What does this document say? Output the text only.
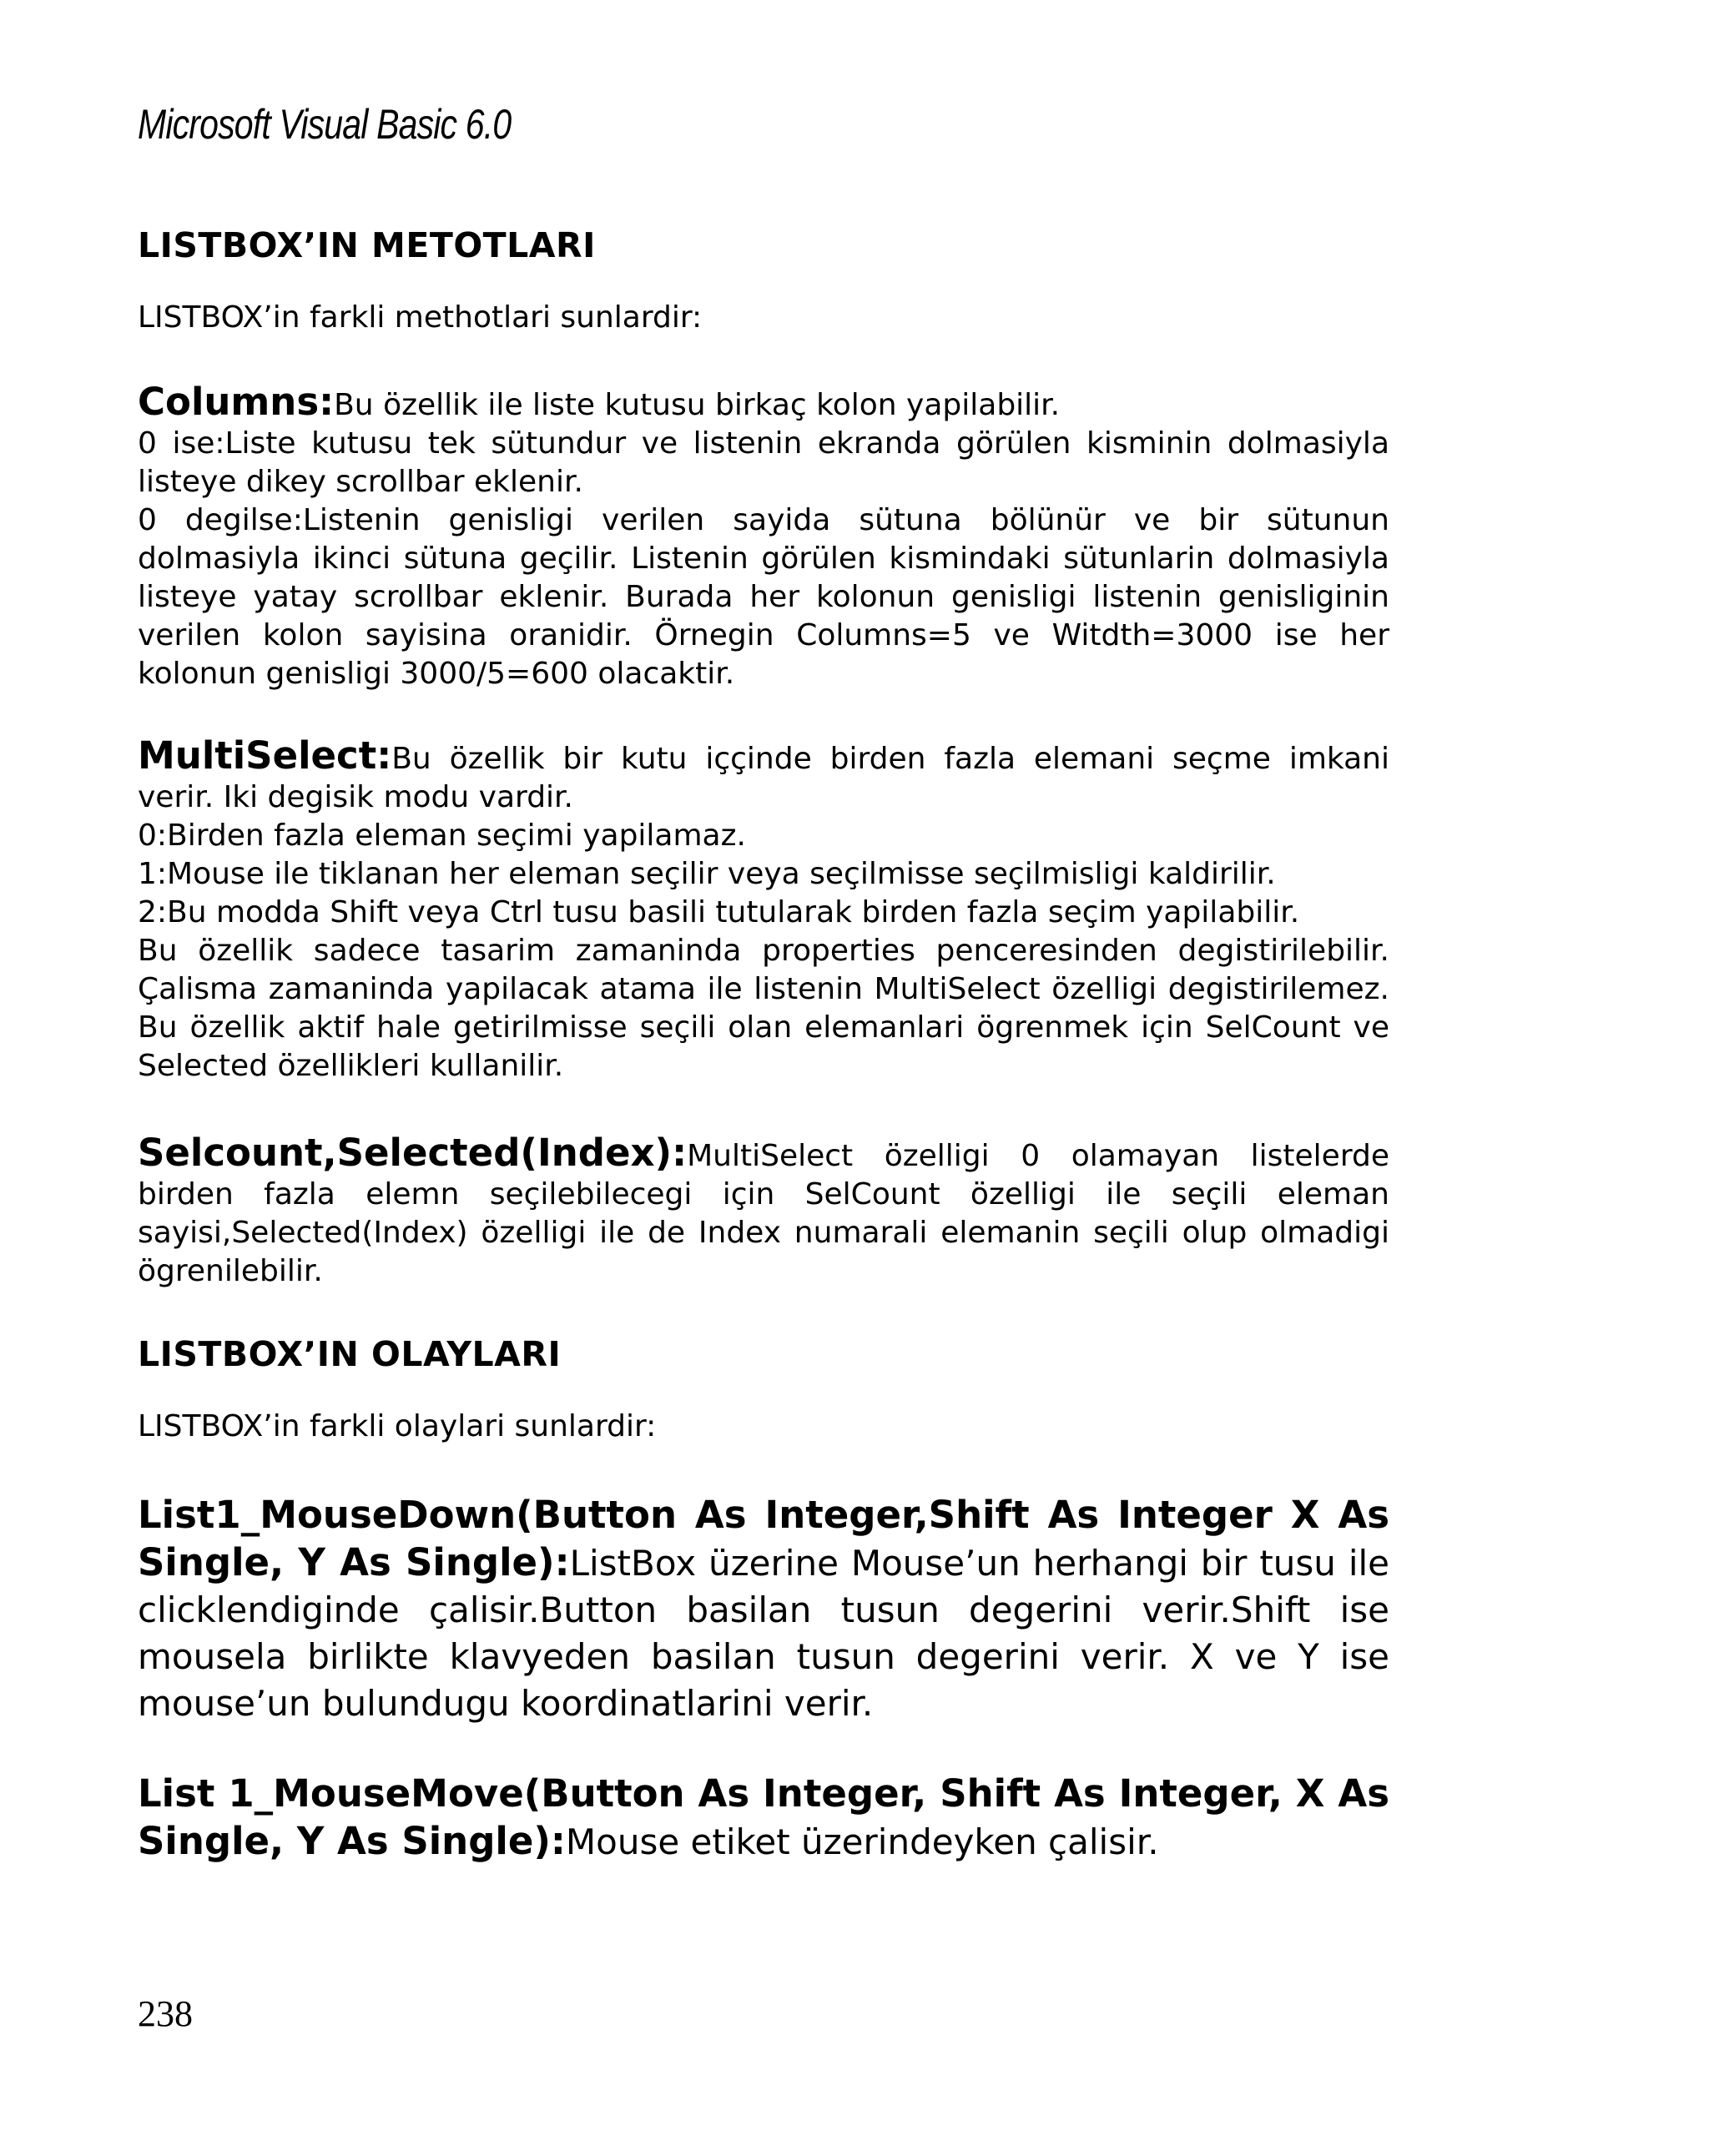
Microsoft Visual Basic 6.0
LISTBOX’IN METOTLARI

LISTBOX’in farkli methotlari sunlardir:

Columns:Bu özellik ile liste kutusu birkaç kolon yapilabilir.

0 ise:Liste kutusu tek sütundur ve listenin ekranda görülen kisminin dolmasiyla listeye dikey scrollbar eklenir.

0 degilse:Listenin genisligi verilen sayida sütuna bölünür ve bir sütunun dolmasiyla ikinci sütuna geçilir. Listenin görülen kismindaki sütunlarin dolmasiyla listeye yatay scrollbar eklenir. Burada her kolonun genisligi listenin genisliginin verilen kolon sayisina oranidir. Örnegin Columns=5 ve Witdth=3000 ise her kolonun genisligi 3000/5=600 olacaktir.

MultiSelect:Bu özellik bir kutu iççinde birden fazla elemani seçme imkani verir. Iki degisik modu vardir.

0:Birden fazla eleman seçimi yapilamaz.

1:Mouse ile tiklanan her eleman seçilir veya seçilmisse seçilmisligi kaldirilir.

2:Bu modda Shift veya Ctrl tusu basili tutularak birden fazla seçim yapilabilir.

Bu özellik sadece tasarim zamaninda properties penceresinden degistirilebilir. Çalisma zamaninda yapilacak atama ile listenin MultiSelect özelligi degistirilemez. Bu özellik aktif hale getirilmisse seçili olan elemanlari ögrenmek için SelCount ve Selected özellikleri kullanilir.

Selcount,Selected(Index):MultiSelect özelligi 0 olamayan listelerde birden fazla elemn seçilebilecegi için SelCount özelligi ile seçili eleman sayisi,Selected(Index) özelligi ile de Index numarali elemanin seçili olup olmadigi ögrenilebilir.

LISTBOX’IN OLAYLARI

LISTBOX’in farkli olaylari sunlardir:

List1_MouseDown(Button As Integer,Shift As Integer X As Single, Y As Single):ListBox üzerine Mouse’un herhangi bir tusu ile clicklendiginde çalisir.Button basilan tusun degerini verir.Shift ise mousela birlikte klavyeden basilan tusun degerini verir. X ve Y ise mouse’un bulundugu koordinatlarini verir.

List 1_MouseMove(Button As Integer, Shift As Integer, X As Single, Y As Single):Mouse etiket üzerindeyken çalisir.

238
